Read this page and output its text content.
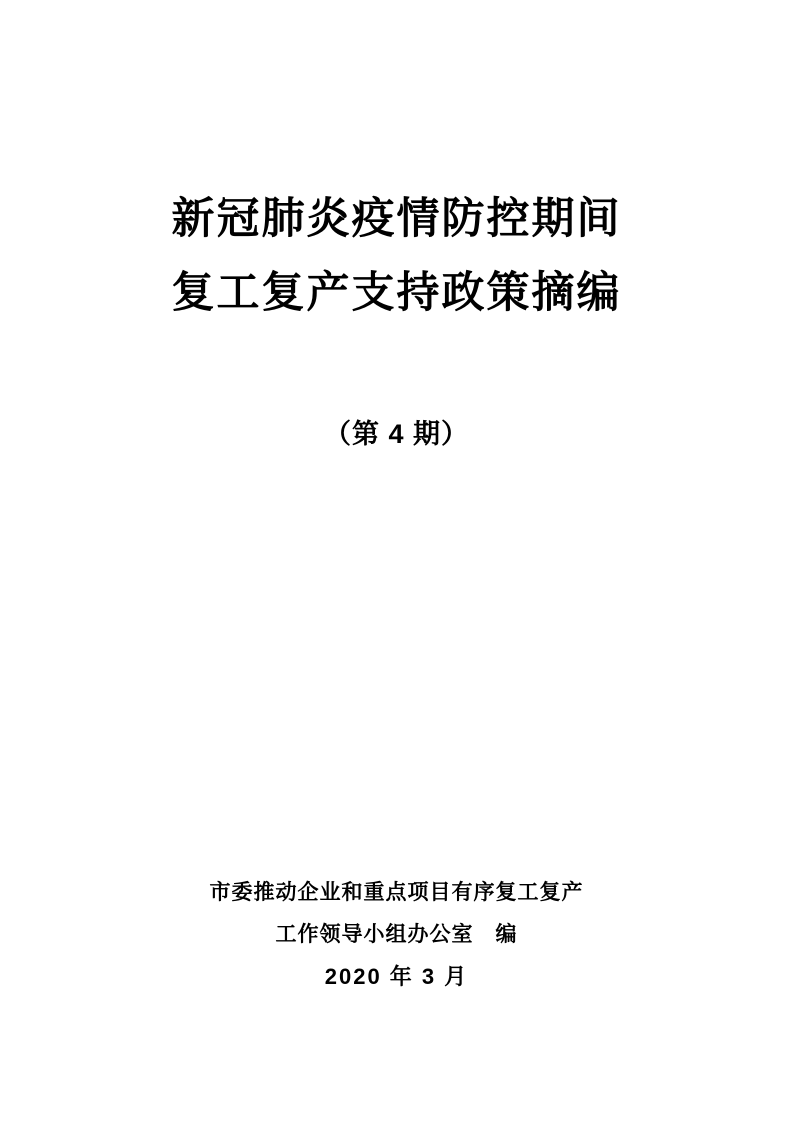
新冠肺炎疫情防控期间
复工复产支持政策摘编
（第 4 期）
市委推动企业和重点项目有序复工复产
工作领导小组办公室　编
2020 年 3 月
